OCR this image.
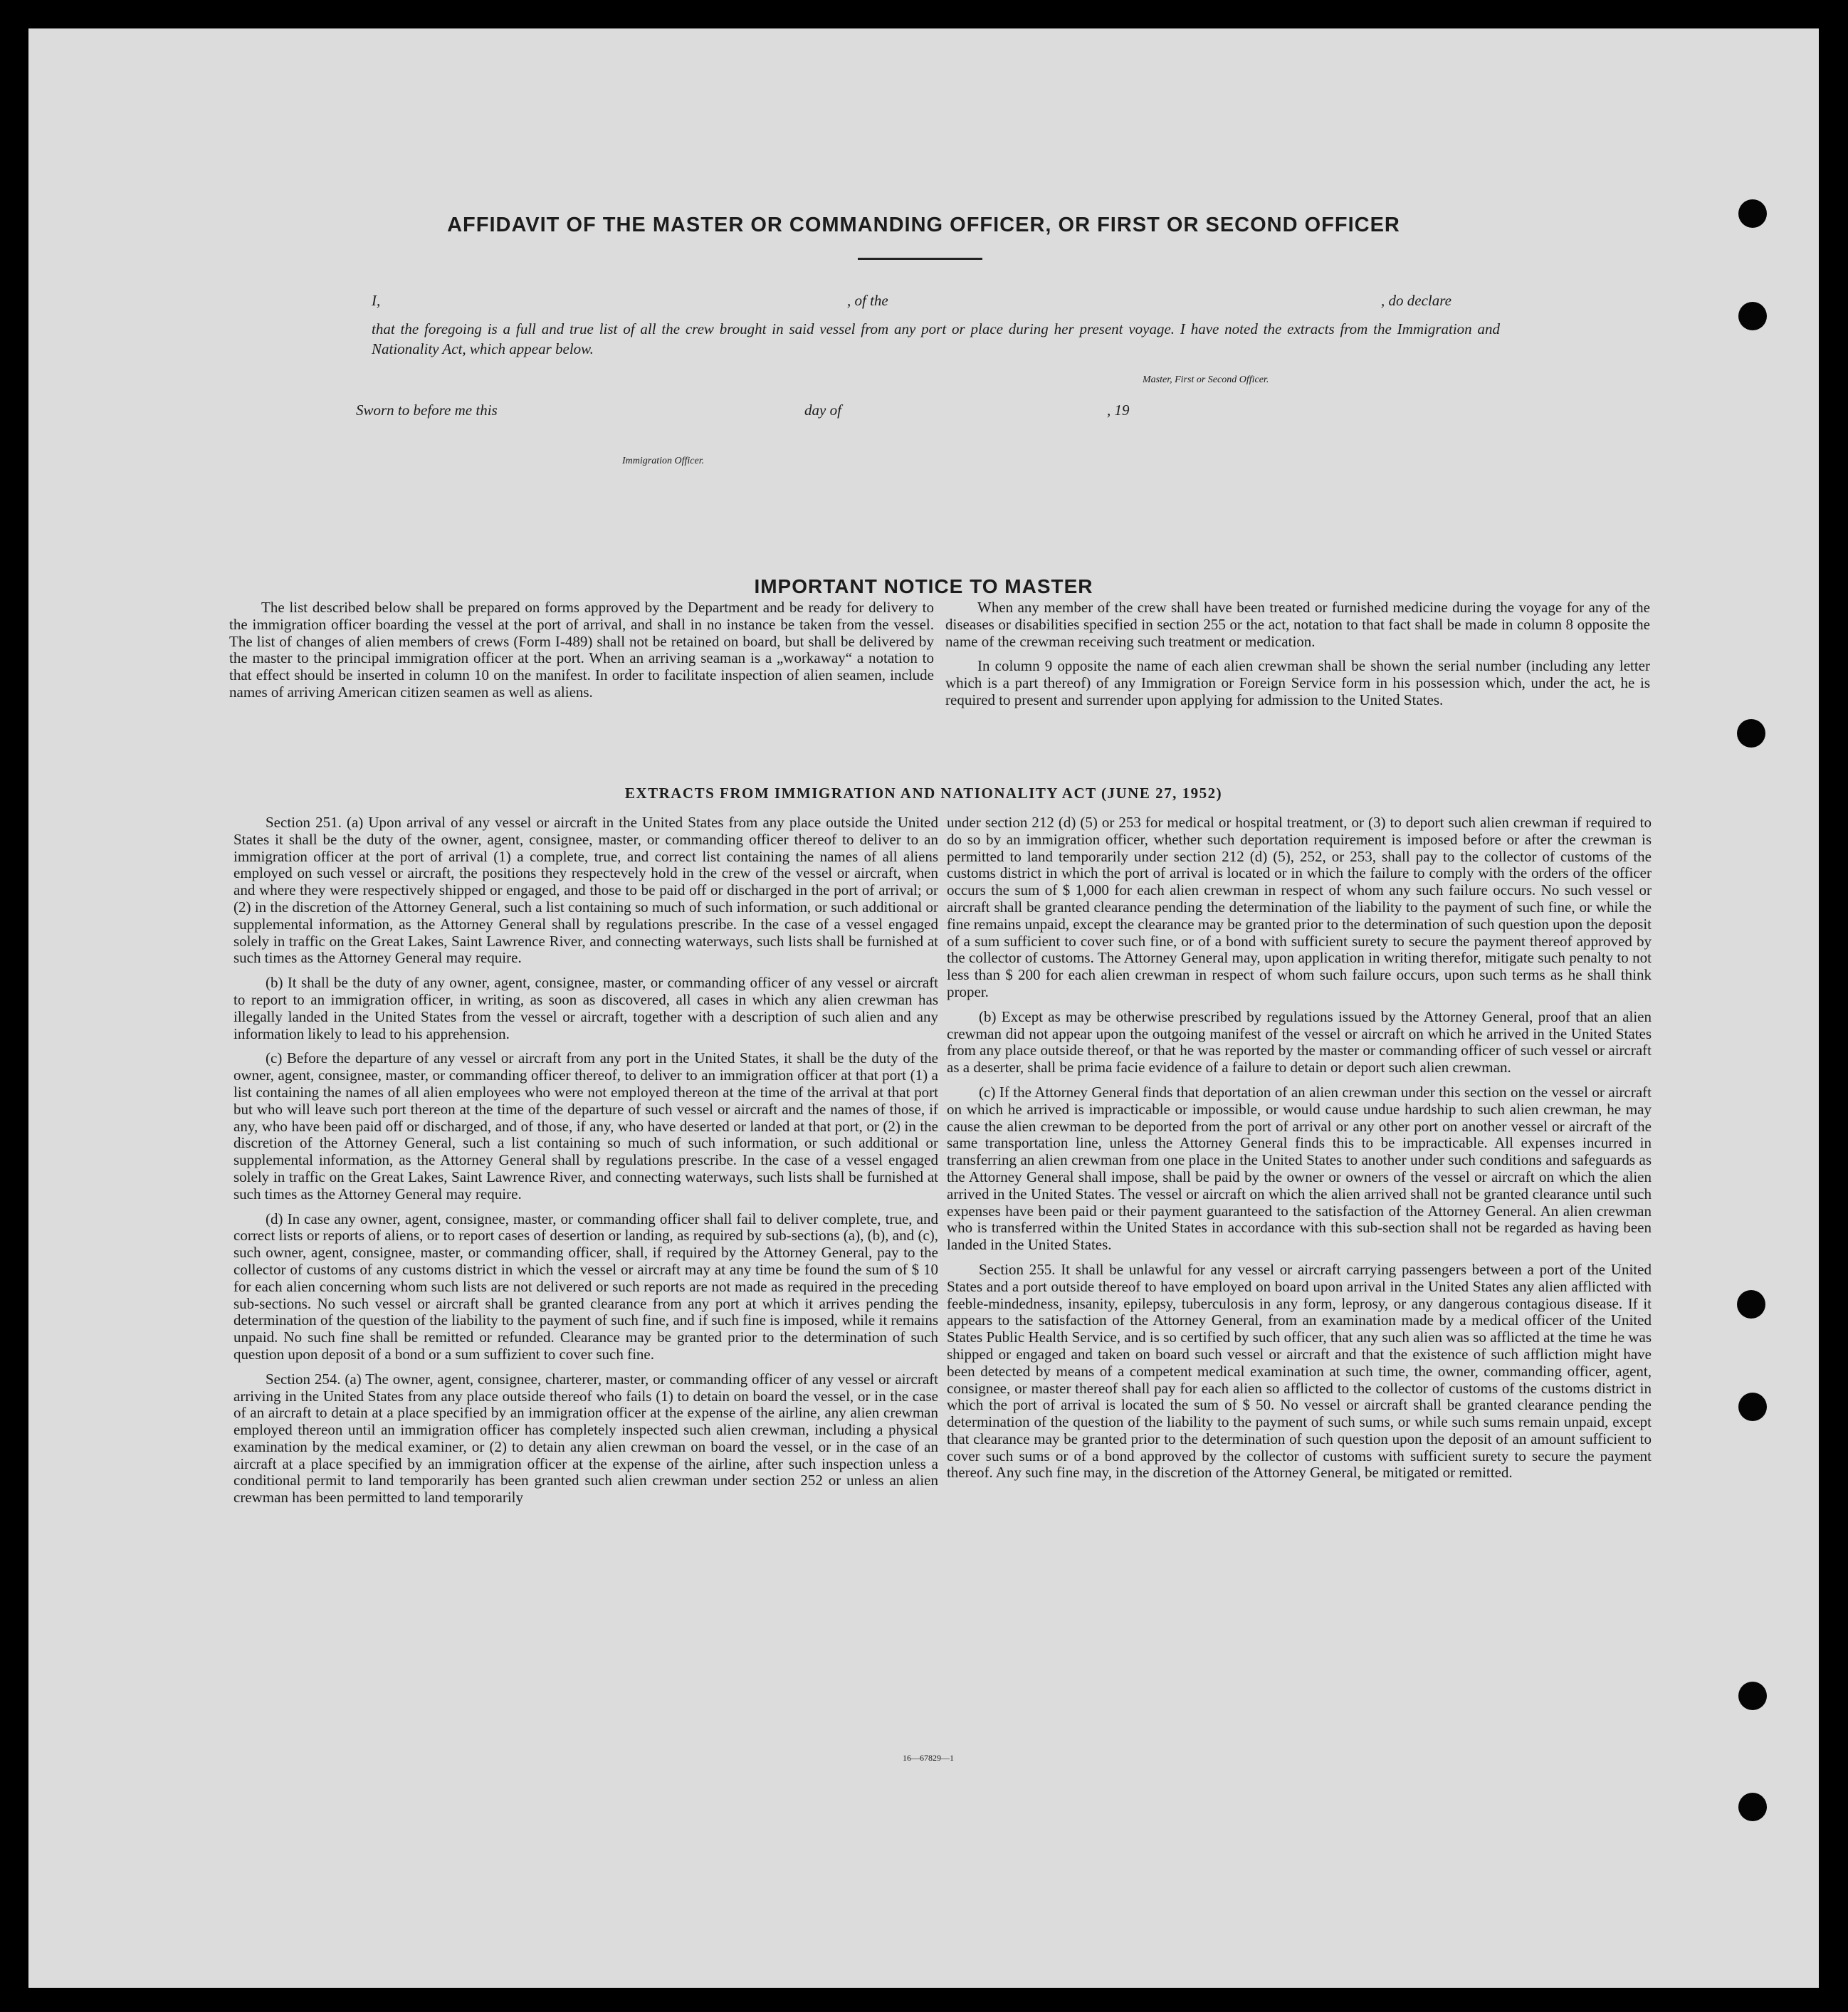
AFFIDAVIT OF THE MASTER OR COMMANDING OFFICER, OR FIRST OR SECOND OFFICER
I,	, of the	, do declare
that the foregoing is a full and true list of all the crew brought in said vessel from any port or place during her present voyage. I have noted the extracts from the Immigration and Nationality Act, which appear below.
Master, First or Second Officer.
Sworn to before me this	day of	, 19
Immigration Officer.
IMPORTANT NOTICE TO MASTER

The list described below shall be prepared on forms approved by the Department and be ready for delivery to the immigration officer boarding the vessel at the port of arrival, and shall in no instance be taken from the vessel. The list of changes of alien members of crews (Form I-489) shall not be retained on board, but shall be delivered by the master to the principal immigration officer at the port. When an arriving seaman is a „workaway“ a notation to that effect should be inserted in column 10 on the manifest. In order to facilitate inspection of alien seamen, include names of arriving American citizen seamen as well as aliens.

When any member of the crew shall have been treated or furnished medicine during the voyage for any of the diseases or disabilities specified in section 255 or the act, notation to that fact shall be made in column 8 opposite the name of the crewman receiving such treatment or medication.

In column 9 opposite the name of each alien crewman shall be shown the serial number (including any letter which is a part thereof) of any Immigration or Foreign Service form in his possession which, under the act, he is required to present and surrender upon applying for admission to the United States.

EXTRACTS FROM IMMIGRATION AND NATIONALITY ACT (JUNE 27, 1952)

Section 251. (a) Upon arrival of any vessel or aircraft in the United States from any place outside the United States it shall be the duty of the owner, agent, consignee, master, or commanding officer thereof to deliver to an immigration officer at the port of arrival (1) a complete, true, and correct list containing the names of all aliens employed on such vessel or aircraft, the positions they respectevely hold in the crew of the vessel or aircraft, when and where they were respectively shipped or engaged, and those to be paid off or discharged in the port of arrival; or (2) in the discretion of the Attorney General, such a list containing so much of such information, or such additional or supplemental information, as the Attorney General shall by regulations prescribe. In the case of a vessel engaged solely in traffic on the Great Lakes, Saint Lawrence River, and connecting waterways, such lists shall be furnished at such times as the Attorney General may require.

(b) It shall be the duty of any owner, agent, consignee, master, or commanding officer of any vessel or aircraft to report to an immigration officer, in writing, as soon as discovered, all cases in which any alien crewman has illegally landed in the United States from the vessel or aircraft, together with a description of such alien and any information likely to lead to his apprehension.

(c) Before the departure of any vessel or aircraft from any port in the United States, it shall be the duty of the owner, agent, consignee, master, or commanding officer thereof, to deliver to an immigration officer at that port (1) a list containing the names of all alien employees who were not employed thereon at the time of the arrival at that port but who will leave such port thereon at the time of the departure of such vessel or aircraft and the names of those, if any, who have been paid off or discharged, and of those, if any, who have deserted or landed at that port, or (2) in the discretion of the Attorney General, such a list containing so much of such information, or such additional or supplemental information, as the Attorney General shall by regulations prescribe. In the case of a vessel engaged solely in traffic on the Great Lakes, Saint Lawrence River, and connecting waterways, such lists shall be furnished at such times as the Attorney General may require.

(d) In case any owner, agent, consignee, master, or commanding officer shall fail to deliver complete, true, and correct lists or reports of aliens, or to report cases of desertion or landing, as required by sub-sections (a), (b), and (c), such owner, agent, consignee, master, or commanding officer, shall, if required by the Attorney General, pay to the collector of customs of any customs district in which the vessel or aircraft may at any time be found the sum of $ 10 for each alien concerning whom such lists are not delivered or such reports are not made as required in the preceding sub-sections. No such vessel or aircraft shall be granted clearance from any port at which it arrives pending the determination of the question of the liability to the payment of such fine, and if such fine is imposed, while it remains unpaid. No such fine shall be remitted or refunded. Clearance may be granted prior to the determination of such question upon deposit of a bond or a sum suffizient to cover such fine.

Section 254. (a) The owner, agent, consignee, charterer, master, or commanding officer of any vessel or aircraft arriving in the United States from any place outside thereof who fails (1) to detain on board the vessel, or in the case of an aircraft to detain at a place specified by an immigration officer at the expense of the airline, any alien crewman employed thereon until an immigration officer has completely inspected such alien crewman, including a physical examination by the medical examiner, or (2) to detain any alien crewman on board the vessel, or in the case of an aircraft at a place specified by an immigration officer at the expense of the airline, after such inspection unless a conditional permit to land temporarily has been granted such alien crewman under section 252 or unless an alien crewman has been permitted to land temporarily

under section 212 (d) (5) or 253 for medical or hospital treatment, or (3) to deport such alien crewman if required to do so by an immigration officer, whether such deportation requirement is imposed before or after the crewman is permitted to land temporarily under section 212 (d) (5), 252, or 253, shall pay to the collector of customs of the customs district in which the port of arrival is located or in which the failure to comply with the orders of the officer occurs the sum of $ 1,000 for each alien crewman in respect of whom any such failure occurs. No such vessel or aircraft shall be granted clearance pending the determination of the liability to the payment of such fine, or while the fine remains unpaid, except the clearance may be granted prior to the determination of such question upon the deposit of a sum sufficient to cover such fine, or of a bond with sufficient surety to secure the payment thereof approved by the collector of customs. The Attorney General may, upon application in writing therefor, mitigate such penalty to not less than $ 200 for each alien crewman in respect of whom such failure occurs, upon such terms as he shall think proper.

(b) Except as may be otherwise prescribed by regulations issued by the Attorney General, proof that an alien crewman did not appear upon the outgoing manifest of the vessel or aircraft on which he arrived in the United States from any place outside thereof, or that he was reported by the master or commanding officer of such vessel or aircraft as a deserter, shall be prima facie evidence of a failure to detain or deport such alien crewman.

(c) If the Attorney General finds that deportation of an alien crewman under this section on the vessel or aircraft on which he arrived is impracticable or impossible, or would cause undue hardship to such alien crewman, he may cause the alien crewman to be deported from the port of arrival or any other port on another vessel or aircraft of the same transportation line, unless the Attorney General finds this to be impracticable. All expenses incurred in transferring an alien crewman from one place in the United States to another under such conditions and safeguards as the Attorney General shall impose, shall be paid by the owner or owners of the vessel or aircraft on which the alien arrived in the United States. The vessel or aircraft on which the alien arrived shall not be granted clearance until such expenses have been paid or their payment guaranteed to the satisfaction of the Attorney General. An alien crewman who is transferred within the United States in accordance with this sub-section shall not be regarded as having been landed in the United States.

Section 255. It shall be unlawful for any vessel or aircraft carrying passengers between a port of the United States and a port outside thereof to have employed on board upon arrival in the United States any alien afflicted with feeble-mindedness, insanity, epilepsy, tuberculosis in any form, leprosy, or any dangerous contagious disease. If it appears to the satisfaction of the Attorney General, from an examination made by a medical officer of the United States Public Health Service, and is so certified by such officer, that any such alien was so afflicted at the time he was shipped or engaged and taken on board such vessel or aircraft and that the existence of such affliction might have been detected by means of a competent medical examination at such time, the owner, commanding officer, agent, consignee, or master thereof shall pay for each alien so afflicted to the collector of customs of the customs district in which the port of arrival is located the sum of $ 50. No vessel or aircraft shall be granted clearance pending the determination of the question of the liability to the payment of such sums, or while such sums remain unpaid, except that clearance may be granted prior to the determination of such question upon the deposit of an amount sufficient to cover such sums or of a bond approved by the collector of customs with sufficient surety to secure the payment thereof. Any such fine may, in the discretion of the Attorney General, be mitigated or remitted.

16—67829—1
